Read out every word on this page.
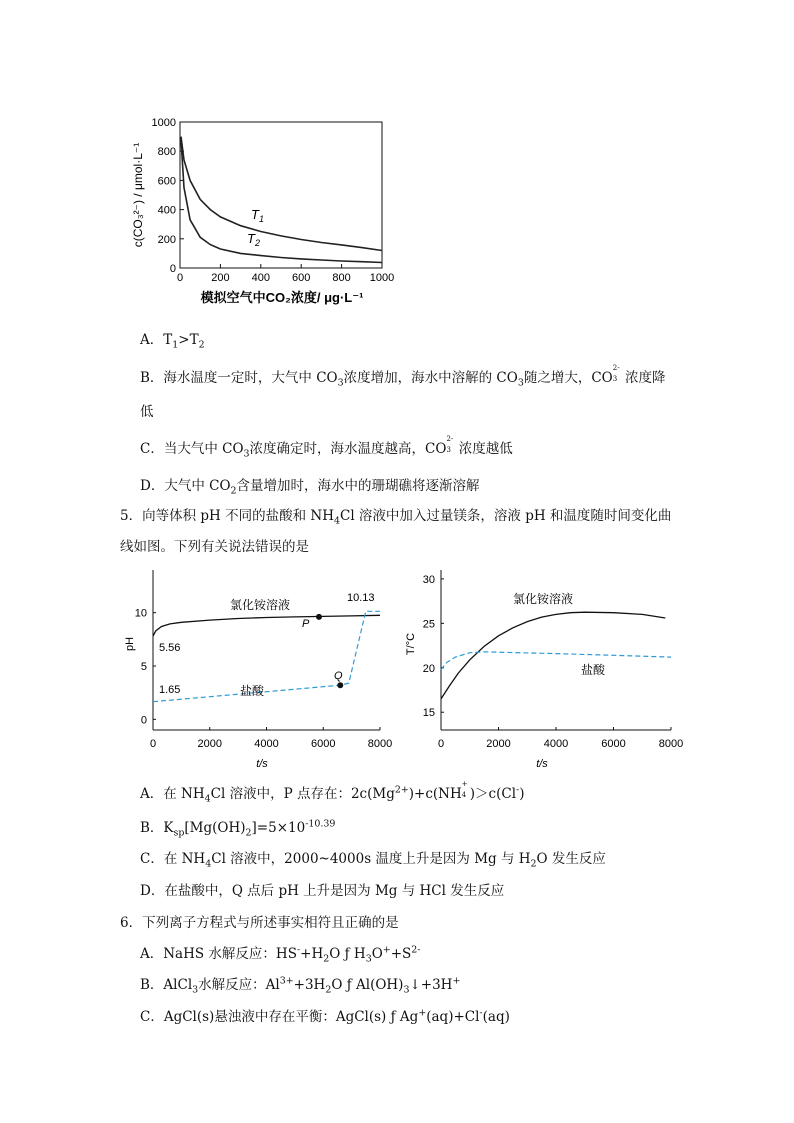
0	200 400 600 800 1000
0
200
400
600
800
1000
$T_1$
$T_2$
c(CO₃²⁻) / μmol·L⁻¹
模拟空气中CO₂浓度/ μg·L⁻¹
A．$T_1>T_2$
B．海水温度一定时，大气中 $CO_3$浓度增加，海水中溶解的 $CO_3$随之增大，CO
2-
3 浓度降
低
C．当大气中 $CO_3$浓度确定时，海水温度越高，CO
2-
3 浓度越低
D．大气中 $CO_2$含量增加时，海水中的珊瑚礁将逐渐溶解
5．向等体积 pH 不同的盐酸和 $NH_4Cl$ 溶液中加入过量镁条，溶液 pH 和温度随时间变化曲
线如图。下列有关说法错误的是
0	2000	4000	6000	8000
0
5
10
氯化铵溶液
盐酸
5.56
1.65
10.13
P
Q
pH
t/s
0	2000	4000	6000	8000
15
20
25
30
氯化铵溶液
盐酸
T/°C
t/s
A．在 $NH_4Cl$ 溶液中，P 点存在：$2c(Mg^{2+})+c(NH$
+
4 )＞c(Cl-)
B．$K_{sp}[Mg(OH)_2]=5\times 10^{-10.39}$
C．在 $NH_4Cl$ 溶液中，2000~4000s 温度上升是因为 Mg 与 $H_2O$ 发生反应
D．在盐酸中，Q 点后 pH 上升是因为 Mg 与 HCl 发生反应
6．下列离子方程式与所述事实相符且正确的是
A．NaHS 水解反应：$HS^-+H_2O$ ƒ $H_3O^++S^{2-}$
B．AlCl$_3$水解反应：$Al^{3+}+3H_2O$ ƒ $Al(OH)_3↓+3H^+$
C．AgCl(s)悬浊液中存在平衡：AgCl(s) ƒ Ag+(aq)+Cl-(aq)
